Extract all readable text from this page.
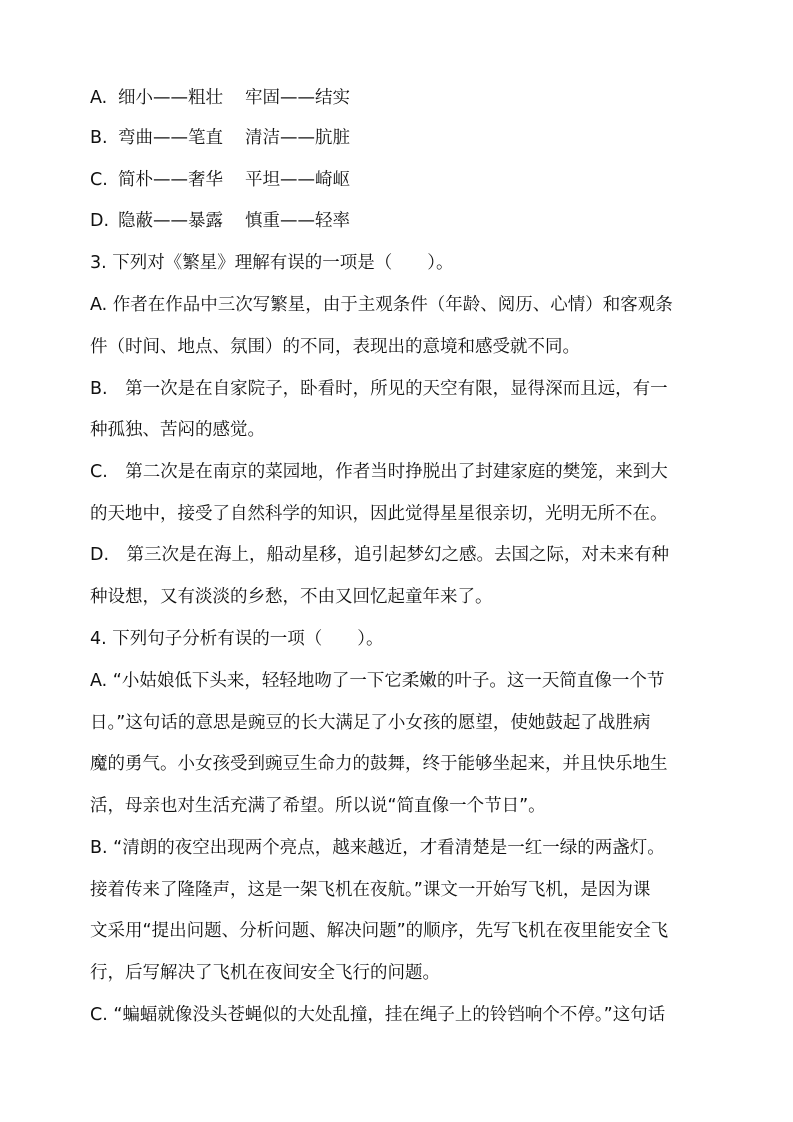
A. 细小——粗壮 牢固——结实
B. 弯曲——笔直 清洁——肮脏
C. 简朴——奢华 平坦——崎岖
D. 隐蔽——暴露 慎重——轻率
3. 下列对《繁星》理解有误的一项是（　　）。
A. 作者在作品中三次写繁星，由于主观条件（年龄、阅历、心情）和客观条
件（时间、地点、氛围）的不同，表现出的意境和感受就不同。
B.　第一次是在自家院子，卧看时，所见的天空有限，显得深而且远，有一
种孤独、苦闷的感觉。
C.　第二次是在南京的菜园地，作者当时挣脱出了封建家庭的樊笼，来到大
的天地中，接受了自然科学的知识，因此觉得星星很亲切，光明无所不在。
D.　第三次是在海上，船动星移，追引起梦幻之感。去国之际，对未来有种
种设想，又有淡淡的乡愁，不由又回忆起童年来了。
4. 下列句子分析有误的一项（　　）。
A. “小姑娘低下头来，轻轻地吻了一下它柔嫩的叶子。这一天简直像一个节
日。”这句话的意思是豌豆的长大满足了小女孩的愿望，使她鼓起了战胜病
魔的勇气。小女孩受到豌豆生命力的鼓舞，终于能够坐起来，并且快乐地生
活，母亲也对生活充满了希望。所以说“简直像一个节日”。
B. “清朗的夜空出现两个亮点，越来越近，才看清楚是一红一绿的两盏灯。
接着传来了隆隆声，这是一架飞机在夜航。”课文一开始写飞机，是因为课
文采用“提出问题、分析问题、解决问题”的顺序，先写飞机在夜里能安全飞
行，后写解决了飞机在夜间安全飞行的问题。
C. “蝙蝠就像没头苍蝇似的大处乱撞，挂在绳子上的铃铛响个不停。”这句话
